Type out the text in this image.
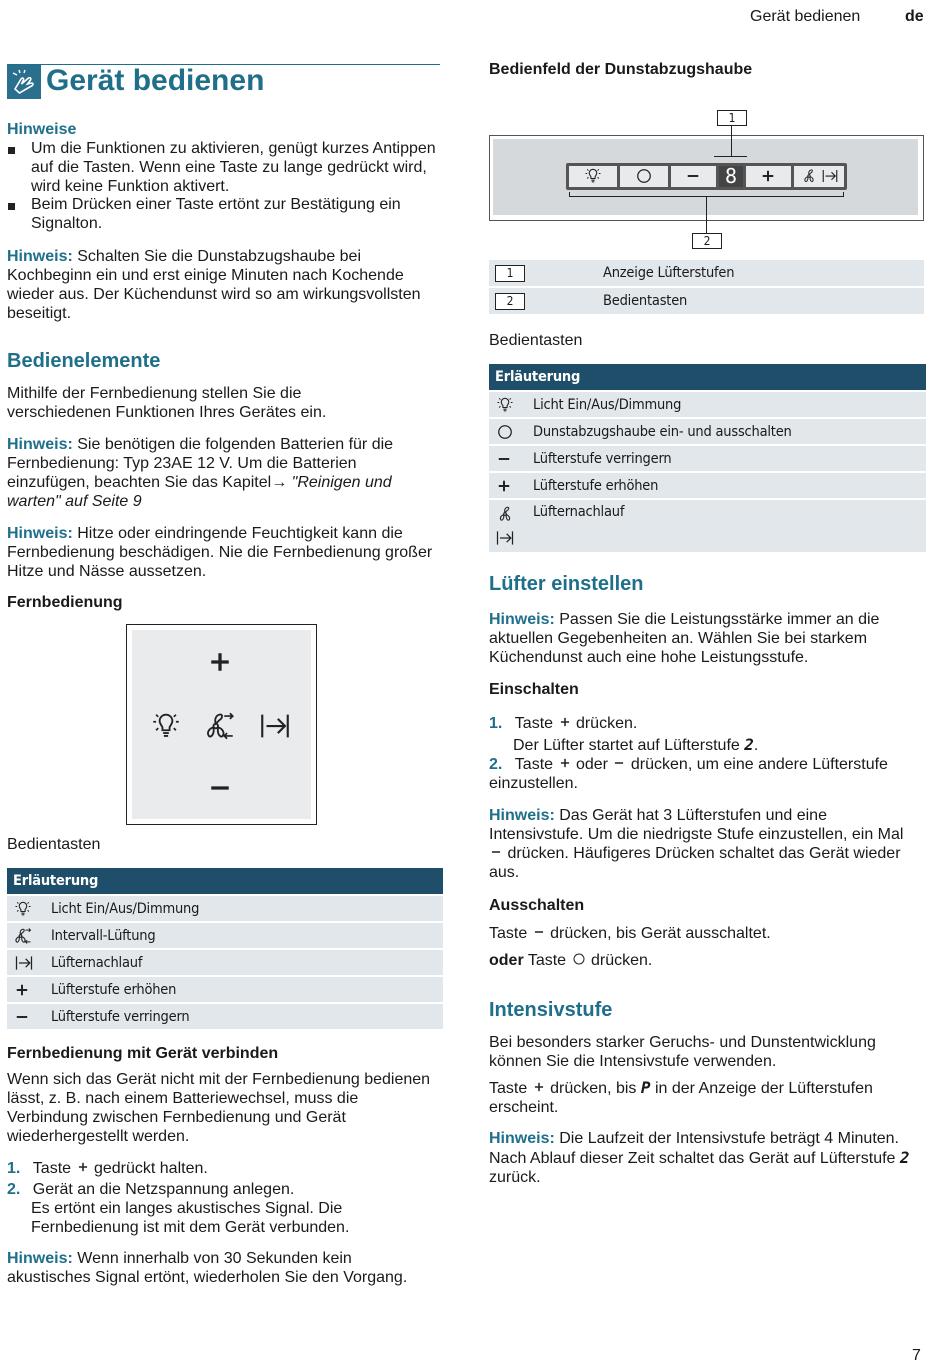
Gerät bedienen	de
Gerät bedienen
Hinweise

Um die Funktionen zu aktivieren, genügt kurzes Antippen auf die Tasten. Wenn eine Taste zu lange gedrückt wird, wird keine Funktion aktivert.

Beim Drücken einer Taste ertönt zur Bestätigung ein Signalton.

Hinweis: Schalten Sie die Dunstabzugshaube bei Kochbeginn ein und erst einige Minuten nach Kochende wieder aus. Der Küchendunst wird so am wirkungsvollsten beseitigt.

Bedienelemente

Mithilfe der Fernbedienung stellen Sie die verschiedenen Funktionen Ihres Gerätes ein.

Hinweis: Sie benötigen die folgenden Batterien für die Fernbedienung: Typ 23AE 12 V. Um die Batterien einzufügen, beachten Sie das Kapitel→ "Reinigen und warten" auf Seite 9

Hinweis: Hitze oder eindringende Feuchtigkeit kann die Fernbedienung beschädigen. Nie die Fernbedienung großer Hitze und Nässe aussetzen.

Fernbedienung
Bedientasten
Erläuterung
Licht Ein/Aus/Dimmung
Intervall-Lüftung
Lüfternachlauf
Lüfterstufe erhöhen
Lüfterstufe verringern
Fernbedienung mit Gerät verbinden

Wenn sich das Gerät nicht mit der Fernbedienung bedienen lässt, z. B. nach einem Batteriewechsel, muss die Verbindung zwischen Fernbedienung und Gerät wiederhergestellt werden.

1. Taste gedrückt halten.
2. Gerät an die Netzspannung anlegen.

Es ertönt ein langes akustisches Signal. Die Fernbedienung ist mit dem Gerät verbunden.

Hinweis: Wenn innerhalb von 30 Sekunden kein akustisches Signal ertönt, wiederholen Sie den Vorgang.

Bedienfeld der Dunstabzugshaube
1
8
2
1	Anzeige Lüfterstufen
2	Bedientasten
Bedientasten
Erläuterung
Licht Ein/Aus/Dimmung
Dunstabzugshaube ein- und ausschalten
Lüfterstufe verringern
Lüfterstufe erhöhen
Lüfternachlauf
Lüfter einstellen

Hinweis: Passen Sie die Leistungsstärke immer an die aktuellen Gegebenheiten an. Wählen Sie bei starkem Küchendunst auch eine hohe Leistungsstufe.

Einschalten
1. Taste drücken.
Der Lüfter startet auf Lüfterstufe 2.
2. Taste oder drücken, um eine andere Lüfterstufe einzustellen.

Hinweis: Das Gerät hat 3 Lüfterstufen und eine Intensivstufe. Um die niedrigste Stufe einzustellen, ein Mal  drücken. Häufigeres Drücken schaltet das Gerät wieder aus.

Ausschalten
Taste drücken, bis Gerät ausschaltet.
oder Taste drücken.
Intensivstufe

Bei besonders starker Geruchs- und Dunstentwicklung können Sie die Intensivstufe verwenden.

Taste drücken, bis P in der Anzeige der Lüfterstufen erscheint.

Hinweis: Die Laufzeit der Intensivstufe beträgt 4 Minuten. Nach Ablauf dieser Zeit schaltet das Gerät auf Lüfterstufe 2 zurück.

7
